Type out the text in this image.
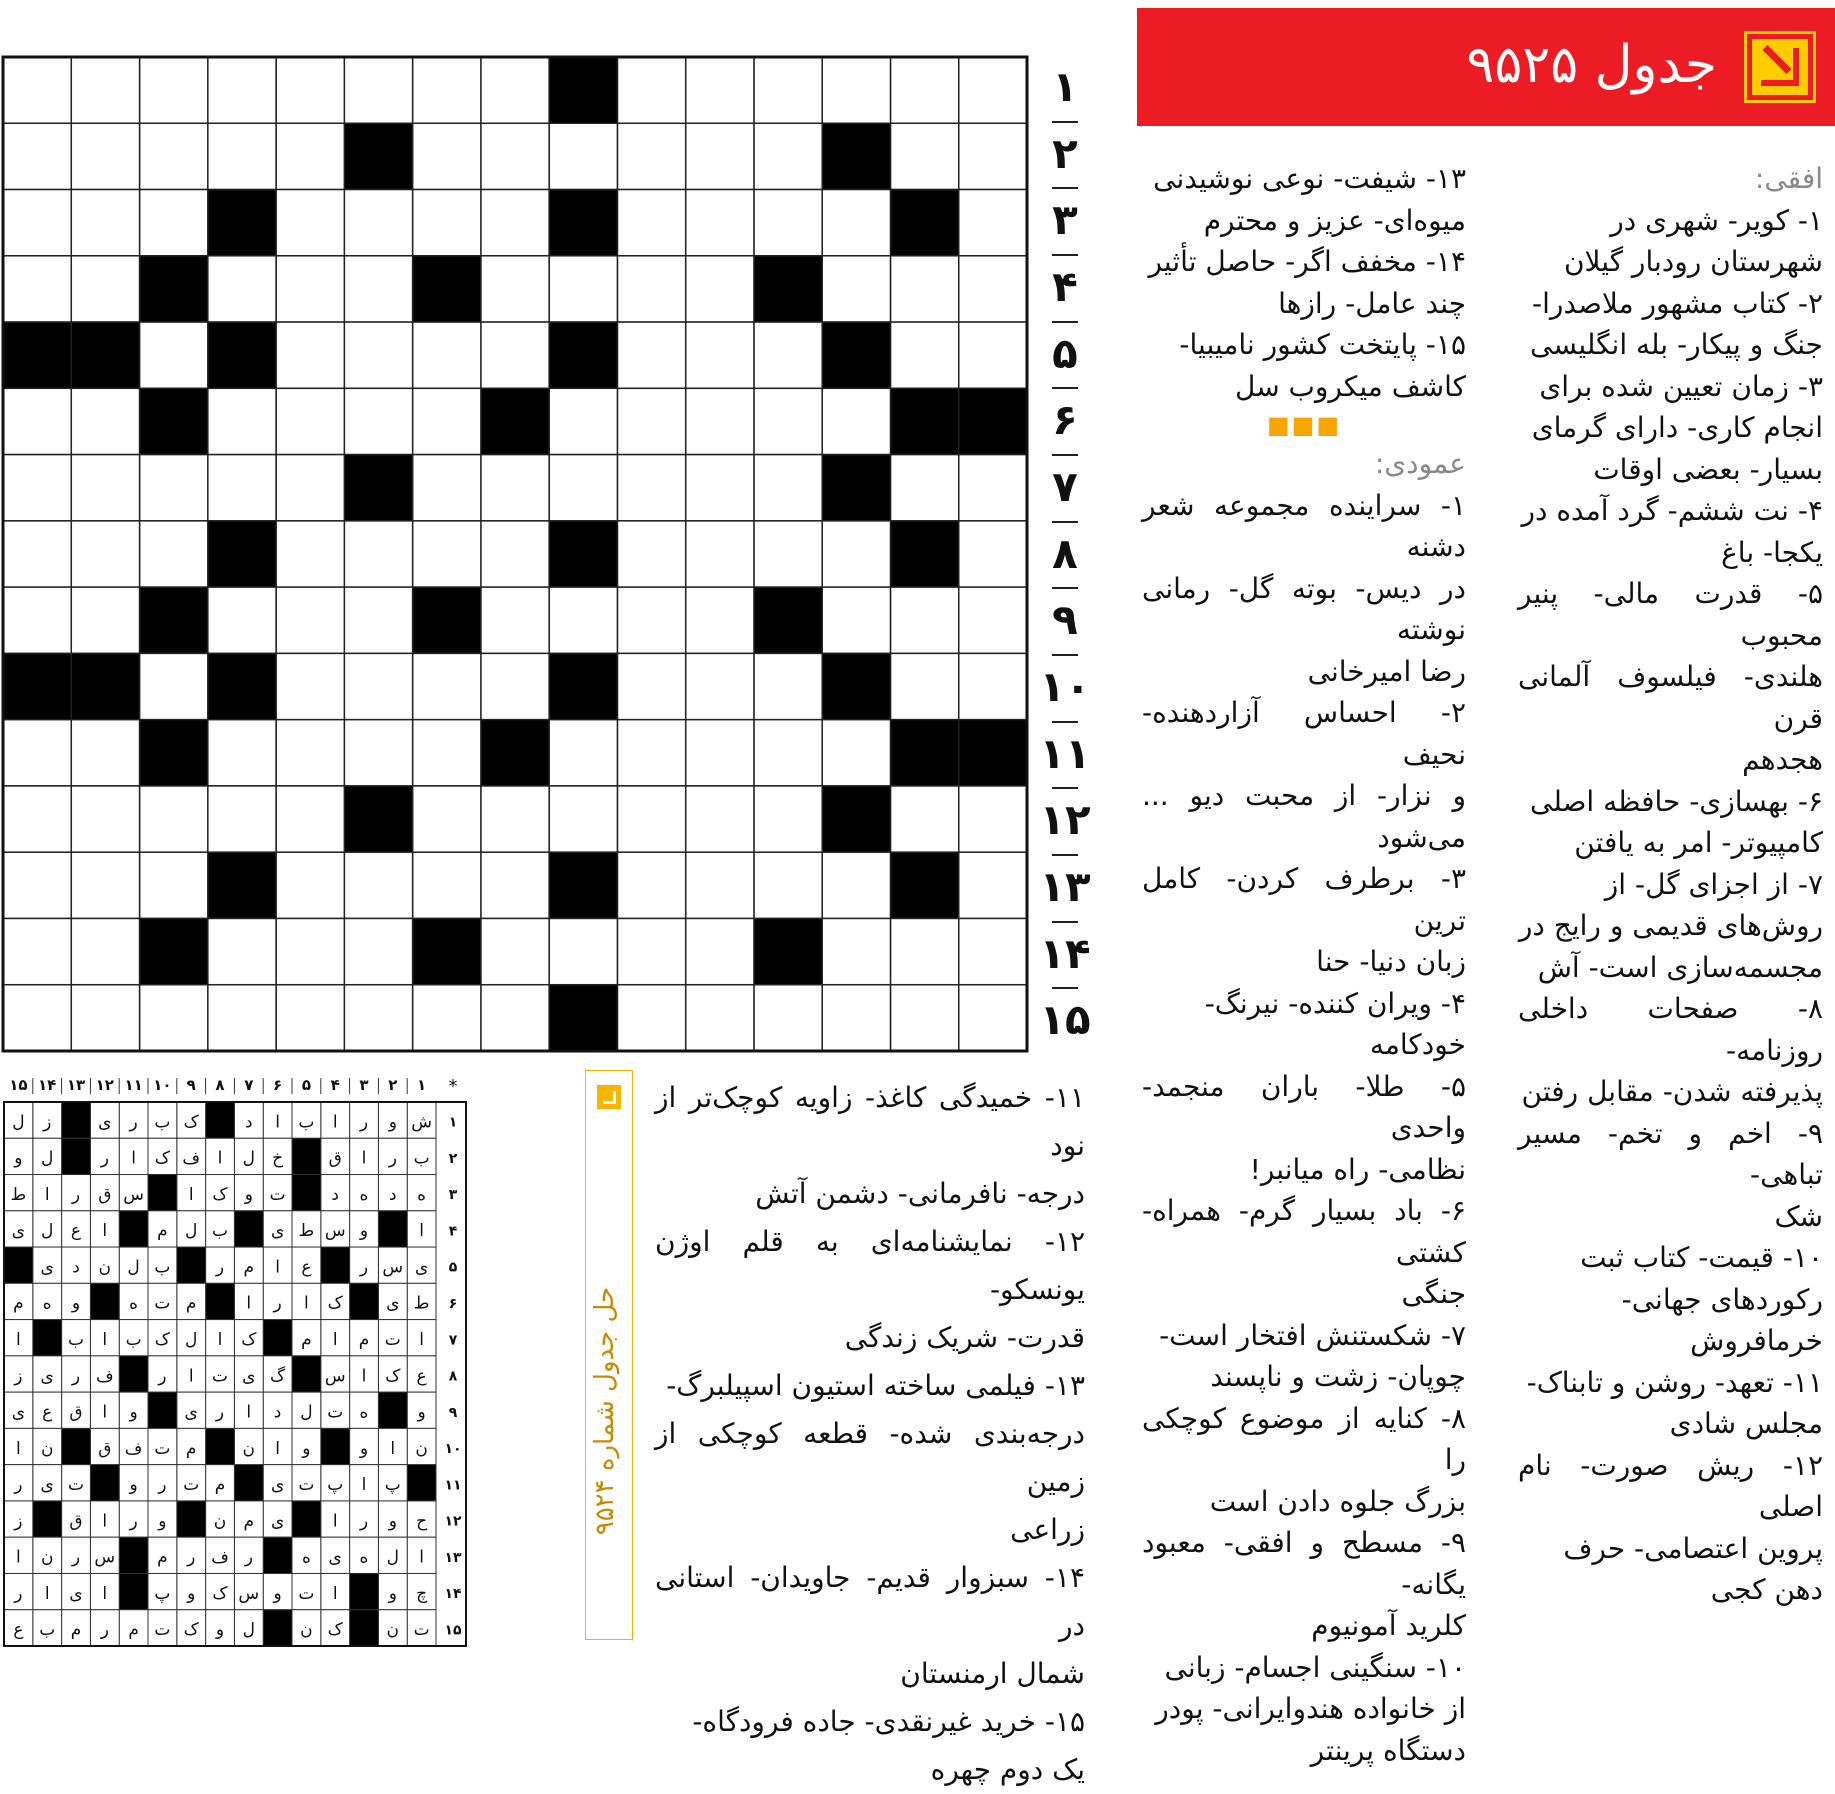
جدول ۹۵۲۵
افقی:
۱- کویر- شهری در
شهرستان رودبار گیلان
۲- کتاب مشهور ملاصدرا-
جنگ و پیکار- بله انگلیسی
۳- زمان تعیین شده برای
انجام کاری- دارای گرمای
بسیار- بعضی اوقات
۴- نت ششم- گرد آمده در
یکجا- باغ
۵- قدرت مالی- پنیر محبوب
هلندی- فیلسوف آلمانی قرن
هجدهم
۶- بهسازی- حافظه اصلی
کامپیوتر- امر به یافتن
۷- از اجزای گل- از
روش‌های قدیمی و رایج در
مجسمه‌سازی است- آش
۸- صفحات داخلی روزنامه-
پذیرفته شدن- مقابل رفتن
۹- اخم و تخم- مسیر تباهی-
شک
۱۰- قیمت- کتاب ثبت
رکوردهای جهانی-
خرمافروش
۱۱- تعهد- روشن و تابناک-
مجلس شادی
۱۲- ریش صورت- نام اصلی
پروین اعتصامی- حرف
دهن کجی
۱۳- شیفت- نوعی نوشیدنی
میوه‌ای- عزیز و محترم
۱۴- مخفف اگر- حاصل تأثیر
چند عامل- رازها
۱۵- پایتخت کشور نامیبیا-
کاشف میکروب سل
■■■
عمودی:
۱- سراینده مجموعه شعر دشنه
در دیس- بوته گل- رمانی نوشته
رضا امیرخانی
۲- احساس آزاردهنده- نحیف
و نزار- از محبت دیو ... می‌شود
۳- برطرف کردن- کامل ترین
زبان دنیا- حنا
۴- ویران کننده- نیرنگ-
خودکامه
۵- طلا- باران منجمد- واحدی
نظامی- راه میانبر!
۶- باد بسیار گرم- همراه- کشتی
جنگی
۷- شکستنش افتخار است-
چوپان- زشت و ناپسند
۸- کنایه از موضوع کوچکی را
بزرگ جلوه دادن است
۹- مسطح و افقی- معبود یگانه-
کلرید آمونیوم
۱۰- سنگینی اجسام- زبانی
از خانواده هندوایرانی- پودر
دستگاه پرینتر
۱۱- خمیدگی کاغذ- زاویه کوچک‌تر از نود
درجه- نافرمانی- دشمن آتش
۱۲- نمایشنامه‌ای به قلم اوژن یونسکو-
قدرت- شریک زندگی
۱۳- فیلمی ساخته استیون اسپیلبرگ-
درجه‌بندی شده- قطعه کوچکی از زمین
زراعی
۱۴- سبزوار قدیم- جاویدان- استانی در
شمال ارمنستان
۱۵- خرید غیرنقدی- جاده فرودگاه-
یک دوم چهره
۱
۲
۳
۴
۵
۶
۷
۸
۹
۱۰
۱۱
۱۲
۱۳
۱۴
۱۵
حل جدول شماره ۹۵۲۴
۱
۲
۳
۴
۵
۶
۷
۸
۹
۱۰
۱۱
۱۲
۱۳
۱۴
۱۵	*
۱
ش
و
ر
ا
ب
ا
د
ک
ب
ر
ی
ز
ل
۲
ب
ر
ا
ق
خ
ل
ا
ف
ک
ا
ر
ل
و
۳
ه
د
ه
د
ت
و
ک
ا
س
ق
ر
ا
ط
۴
ا
و
س
ط
ی
ب
ل
م
ا
ع
ل
ی
۵
ی
س
ر
ع
ا
م
ر
ب
ل
ن
د
ی
۶
ط
ی
ک
ا
ر
ا
م
ت
ه
و
ه
م
۷
ا
ت
م
ا
م
ک
ا
ل
ک
ب
ا
ب
ا
۸
ع
ک
ا
س
گ
ی
ت
ا
ر
ف
ر
ی
ز
۹
و
ه
ت
ل
د
ا
ر
ی
و
ا
ق
ع
ی
۱۰
ن
ا
و
و
ا
ن
م
ت
ف
ق
ن
ا
۱۱
پ
ا
پ
ت
ی
م
ت
ر
و
ت
ی
ر
۱۲
ح
و
ر
ا
ی
م
ن
و
ر
ا
ق
ز
۱۳
ا
ل
ه
ی
ه
ر
ف
ر
م
س
ر
ن
ا
۱۴
چ
و
ا
ت
و
س
ک
و
پ
ا
ی
ا
ر
۱۵
ت
ن
ک
ن
ل
و
ک
ت
م
ر
م
ب
ع
